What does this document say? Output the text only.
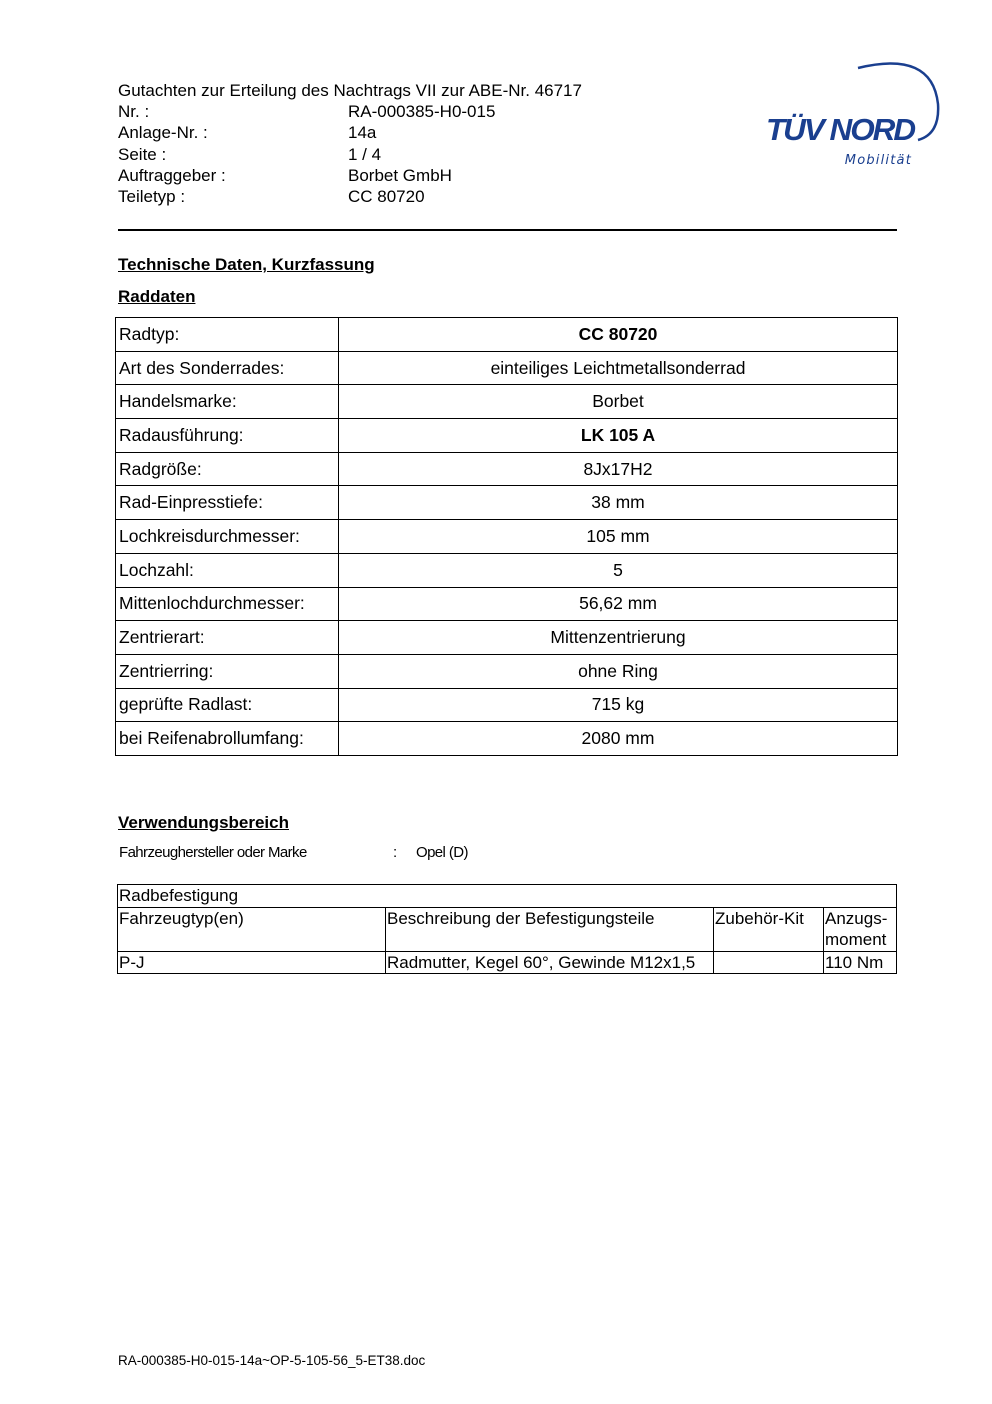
Gutachten zur Erteilung des Nachtrags VII zur ABE-Nr. 46717
Nr. :	RA-000385-H0-015
Anlage-Nr. :	14a
Seite :	1 / 4
Auftraggeber :	Borbet GmbH
Teiletyp :	CC 80720
TÜV NORD
Mobilität
Technische Daten, Kurzfassung
Raddaten
Radtyp:	CC 80720
Art des Sonderrades:	einteiliges Leichtmetallsonderrad
Handelsmarke:	Borbet
Radausführung:	LK 105 A
Radgröße:	8Jx17H2
Rad-Einpresstiefe:	38 mm
Lochkreisdurchmesser:	105 mm
Lochzahl:	5
Mittenlochdurchmesser:	56,62 mm
Zentrierart:	Mittenzentrierung
Zentrierring:	ohne Ring
geprüfte Radlast:	715 kg
bei Reifenabrollumfang:	2080 mm
Verwendungsbereich
Fahrzeughersteller oder Marke	: Opel (D)
Radbefestigung			
Fahrzeugtyp(en)	Beschreibung der Befestigungsteile	Zubehör-Kit	Anzugs-
moment
P-J	Radmutter, Kegel 60°, Gewinde M12x1,5		110 Nm
RA-000385-H0-015-14a~OP-5-105-56_5-ET38.doc
